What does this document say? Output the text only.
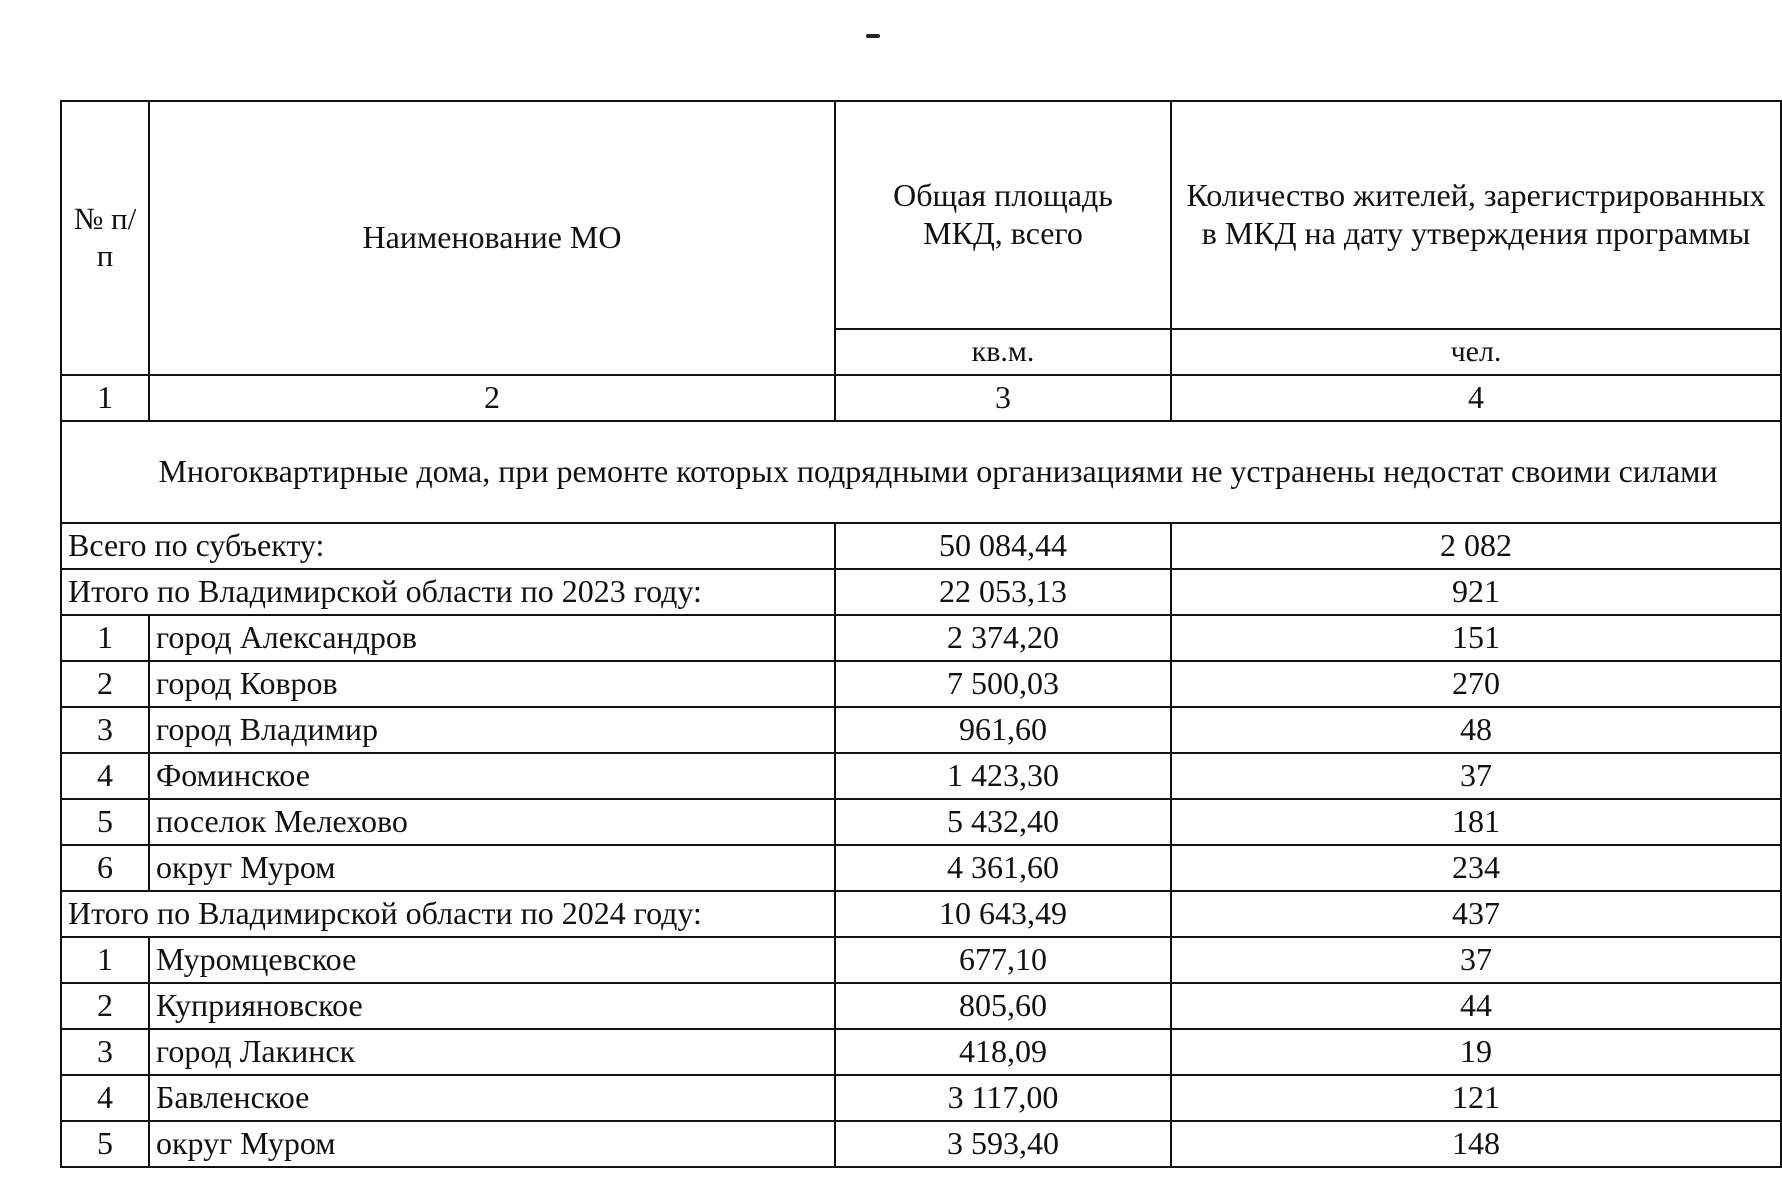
№ п/п	Наименование МО	Общая площадь МКД, всего	Количество жителей, зарегистрированных в МКД на дату утверждения программы
		кв.м.	чел.
1	2	3	4
Многоквартирные дома, при ремонте которых подрядными организациями не устранены недостат своими силами			
Всего по субъекту:		50 084,44	2 082
Итого по Владимирской области по 2023 году:		22 053,13	921
1	город Александров	2 374,20	151
2	город Ковров	7 500,03	270
3	город Владимир	961,60	48
4	Фоминское	1 423,30	37
5	поселок Мелехово	5 432,40	181
6	округ Муром	4 361,60	234
Итого по Владимирской области по 2024 году:		10 643,49	437
1	Муромцевское	677,10	37
2	Куприяновское	805,60	44
3	город Лакинск	418,09	19
4	Бавленское	3 117,00	121
5	округ Муром	3 593,40	148
